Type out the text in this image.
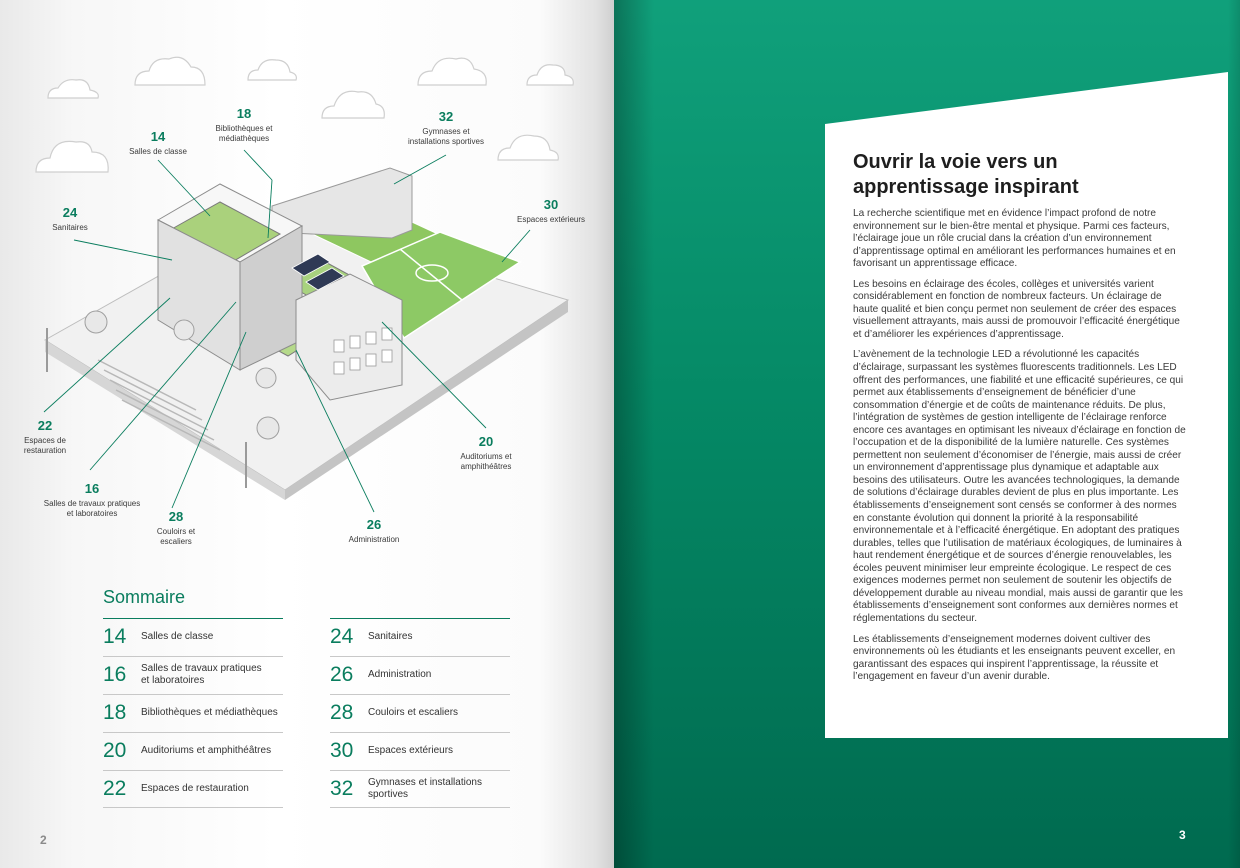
14
Salles de classe
18
Bibliothèques et médiathèques
32
Gymnases et installations sportives
30
Espaces extérieurs
24
Sanitaires
22
Espaces de restauration
16
Salles de travaux pratiques et laboratoires	28
Couloirs et escaliers
26
Administration
20
Auditoriums et amphithéâtres
Sommaire
14	Salles de classe
16	Salles de travaux pratiques et laboratoires
18	Bibliothèques et médiathèques
20	Auditoriums et amphithéâtres
22	Espaces de restauration
24	Sanitaires
26	Administration
28	Couloirs et escaliers
30	Espaces extérieurs
32	Gymnases et installations sportives
2
Ouvrir la voie vers un apprentissage inspirant

La recherche scientifique met en évidence l’impact profond de notre environnement sur le bien-être mental et physique. Parmi ces facteurs, l’éclairage joue un rôle crucial dans la création d’un environnement d’apprentissage optimal en améliorant les performances humaines et en favorisant un apprentissage efficace.

Les besoins en éclairage des écoles, collèges et universités varient considérablement en fonction de nombreux facteurs. Un éclairage de haute qualité et bien conçu permet non seulement de créer des espaces visuellement attrayants, mais aussi de promouvoir l’efficacité énergétique et d’améliorer les expériences d’apprentissage.

L’avènement de la technologie LED a révolutionné les capacités d’éclairage, surpassant les systèmes fluorescents traditionnels. Les LED offrent des performances, une fiabilité et une efficacité supérieures, ce qui permet aux établissements d’enseignement de bénéficier d’une consommation d’énergie et de coûts de maintenance réduits. De plus, l’intégration de systèmes de gestion intelligente de l’éclairage renforce encore ces avantages en optimisant les niveaux d’éclairage en fonction de l’occupation et de la disponibilité de la lumière naturelle. Ces systèmes permettent non seulement d’économiser de l’énergie, mais aussi de créer un environnement d’apprentissage plus dynamique et adaptable aux besoins des utilisateurs. Outre les avancées technologiques, la demande de solutions d’éclairage durables devient de plus en plus importante. Les établissements d’enseignement sont censés se conformer à des normes en constante évolution qui donnent la priorité à la responsabilité environnementale et à l’efficacité énergétique. En adoptant des pratiques durables, telles que l’utilisation de matériaux écologiques, de luminaires à haut rendement énergétique et de sources d’énergie renouvelables, les écoles peuvent minimiser leur empreinte écologique. Le respect de ces exigences modernes permet non seulement de soutenir les objectifs de développement durable au niveau mondial, mais aussi de garantir que les établissements d’enseignement sont conformes aux dernières normes et réglementations du secteur.

Les établissements d’enseignement modernes doivent cultiver des environnements où les étudiants et les enseignants peuvent exceller, en garantissant des espaces qui inspirent l’apprentissage, la réussite et l’engagement en faveur d’un avenir durable.

3
